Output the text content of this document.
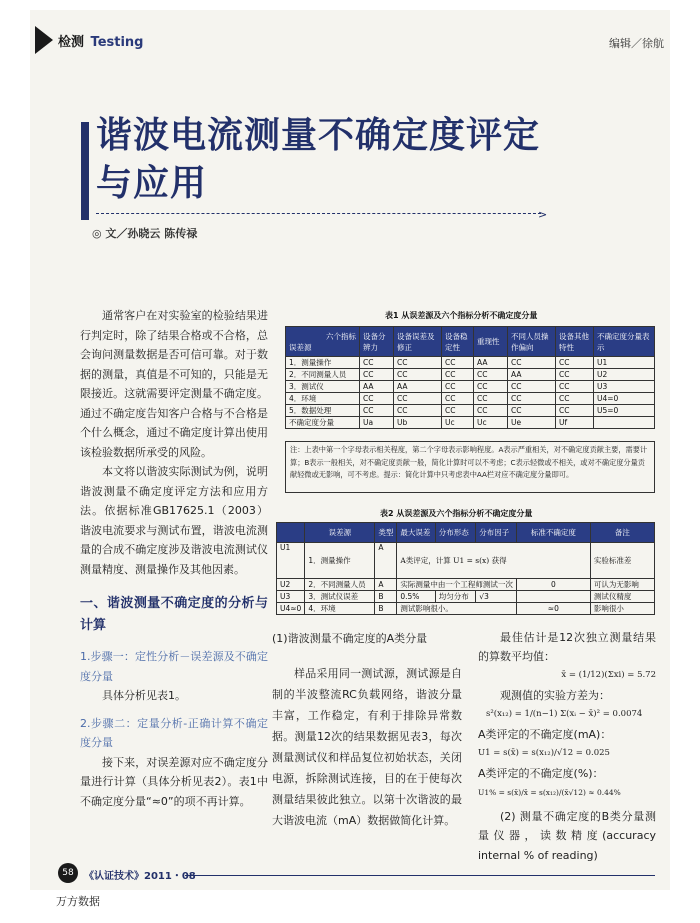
检测 Testing	编辑／徐航
谐波电流测量不确定度评定
与应用
>
◎ 文／孙晓云 陈传禄

通常客户在对实验室的检验结果进行判定时，除了结果合格或不合格，总会询问测量数据是否可信可靠。对于数据的测量，真值是不可知的，只能是无限接近。这就需要评定测量不确定度。通过不确定度告知客户合格与不合格是个什么概念，通过不确定度计算出使用该检验数据所承受的风险。

本文将以谐波实际测试为例，说明谐波测量不确定度评定方法和应用方法。依据标准GB17625.1（2003）谐波电流要求与测试布置，谐波电流测量的合成不确定度涉及谐波电流测试仪测量精度、测量操作及其他因素。

一、谐波测量不确定度的分析与计算
1.步骤一：定性分析－误差源及不确定度分量

具体分析见表1。

2.步骤二：定量分析-正确计算不确定度分量

接下来，对误差源对应不确定度分量进行计算（具体分析见表2）。表1中不确定度分量“≈0”的项不再计算。

表1 从误差源及六个指标分析不确定度分量
六个指标
误差源	设备分辨力	设备误差及修正	设备稳定性	重现性	不同人员操作偏向	设备其他特性	不确定度分量表示
1．测量操作	CC	CC	CC	AA	CC	CC	U1
2．不同测量人员	CC	CC	CC	CC	AA	CC	U2
3．测试仪	AA	AA	CC	CC	CC	CC	U3
4．环境	CC	CC	CC	CC	CC	CC	U4=0
5．数据处理	CC	CC	CC	CC	CC	CC	U5=0
不确定度分量	Ua	Ub	Uc	Uc	Ue	Uf	
注：上表中第一个字母表示相关程度，第二个字母表示影响程度。A表示严重相关，对不确定度贡献主要，需要计算；B表示一般相关，对不确定度贡献一般，简化计算时可以不考虑；C表示轻微或不相关，或对不确定度分量贡献轻微或无影响，可不考虑。提示：简化计算中只考虑表中AA栏对应不确定度分量即可。
表2 从误差源及六个指标分析不确定度分量
	误差源	类型	最大误差	分布形态	分布因子	标准不确定度	备注
U1	1．测量操作	A	A类评定，计算 U1 = s(x) 获得				实验标准差
U2	2．不同测量人员	A	实际测量中由一个工程师测试一次			0	可认为无影响
U3	3．测试仪误差	B	0.5%	均匀分布	√3		测试仪精度
U4≈0	4．环境	B	测试影响很小。			≈0	影响很小

(1)谐波测量不确定度的A类分量

样品采用同一测试源，测试源是自制的半波整流RC负载网络，谐波分量丰富，工作稳定，有利于排除异常数据。测量12次的结果数据见表3，每次测量测试仪和样品复位初始状态，关闭电源，拆除测试连接，目的在于使每次测量结果彼此独立。以第十次谐波的最大谐波电流（mA）数据做简化计算。

最佳估计是12次独立测量结果的算数平均值：

x̄ = (1/12)(Σxi) = 5.72

观测值的实验方差为：

s²(x₁₂) = 1/(n−1) Σ(xᵢ − x̄)² = 0.0074

A类评定的不确定度(mA)：

U1 = s(x̄) = s(x₁₂)/√12 = 0.025

A类评定的不确定度(%)：

U1% = s(x̄)/x̄ = s(x₁₂)/(x̄√12) ≈ 0.44%

(2) 测量不确定度的B类分量测量仪器，读数精度(accuracy internal % of reading)

58	《认证技术》2011・08
万方数据
